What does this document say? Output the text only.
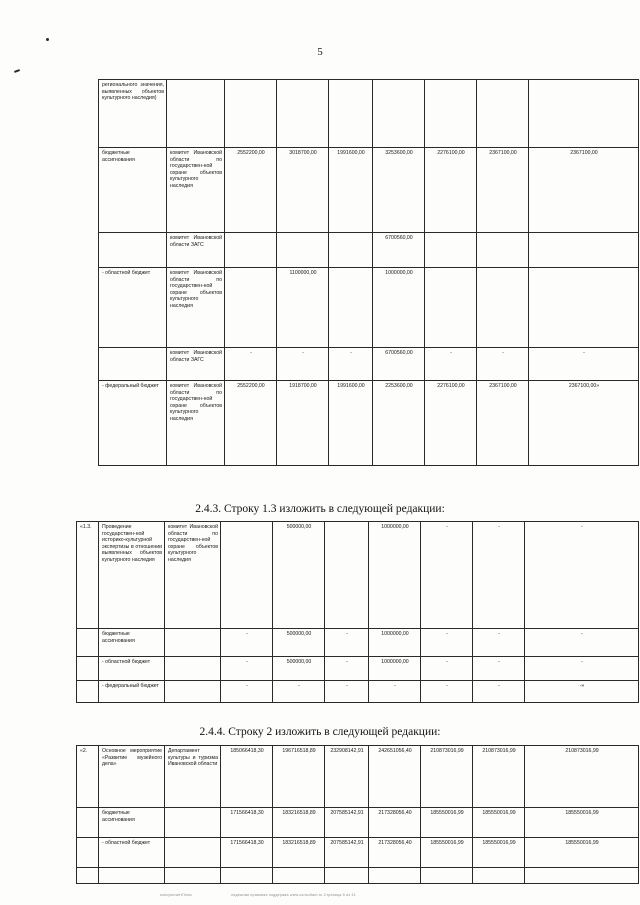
5
регионального значения, выявленных объектов культурного наследия)								
бюджетные ассигнования	комитет Ивановской области по государствен-ной охране объектов культурного наследия	2552200,00	3018700,00	1991600,00	3253600,00	2276100,00	2367100,00	2367100,00
	комитет Ивановской области ЗАГС				6700560,00			
- областной бюджет	комитет Ивановской области по государствен-ной охране объектов культурного наследия		1100000,00		1000000,00			
	комитет Ивановской области ЗАГС	-	-	-	6700560,00	-	-	-
- федеральный бюджет	комитет Ивановской области по государствен-ной охране объектов культурного наследия	2552200,00	1918700,00	1991600,00	2253600,00	2276100,00	2367100,00	2367100,00»
2.4.3. Строку 1.3 изложить в следующей редакции:
«1.3.	Проведение государствен-ной историко-культурной экспертизы в отношении выявленных объектов культурного наследия	комитет Ивановской области по государствен-ной охране объектов культурного наследия		500000,00		1000000,00	-	-	-
	бюджетные ассигнования		-	500000,00	-	1000000,00	-	-	-
	- областной бюджет		-	500000,00	-	1000000,00	-	-	-
	- федеральный бюджет		-	-	-	-	-	-	-»
2.4.4. Строку 2 изложить в следующей редакции:
«2.	Основное мероприятие «Развитие музейного дела»	Департамент культуры и туризма Ивановской области	185066418,30	196716518,89	232908142,91	242651056,40	210873016,99	210873016,99	210873016,99
	бюджетные ассигнования		171566418,30	183216518,89	207585142,91	217328056,40	185550016,99	185550016,99	185550016,99
	- областной бюджет		171566418,30	183216518,89	207585142,91	217328056,40	185550016,99	185550016,99	185550016,99

консультантПлюс	надежная правовая поддержка www.consultant.ru Страница 5 из 31
